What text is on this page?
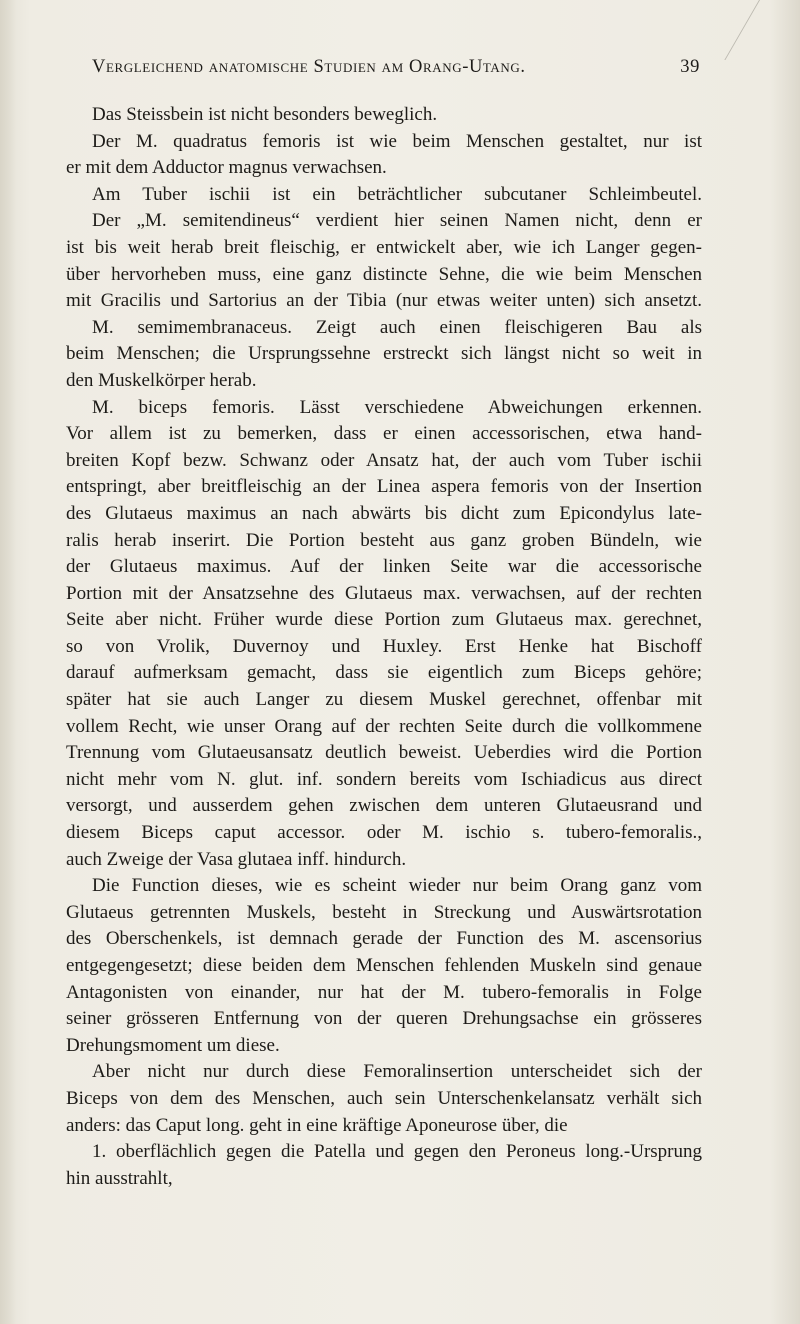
Vergleichend anatomische Studien am Orang-Utang.	39
Das Steissbein ist nicht besonders beweglich.
Der M. quadratus femoris ist wie beim Menschen gestaltet, nur ist
er mit dem Adductor magnus verwachsen.
Am Tuber ischii ist ein beträchtlicher subcutaner Schleimbeutel.
Der „M. semitendineus“ verdient hier seinen Namen nicht, denn er
ist bis weit herab breit fleischig, er entwickelt aber, wie ich Langer gegen-
über hervorheben muss, eine ganz distincte Sehne, die wie beim Menschen
mit Gracilis und Sartorius an der Tibia (nur etwas weiter unten) sich ansetzt.
M. semimembranaceus. Zeigt auch einen fleischigeren Bau als
beim Menschen; die Ursprungssehne erstreckt sich längst nicht so weit in
den Muskelkörper herab.
M. biceps femoris. Lässt verschiedene Abweichungen erkennen.
Vor allem ist zu bemerken, dass er einen accessorischen, etwa hand-
breiten Kopf bezw. Schwanz oder Ansatz hat, der auch vom Tuber ischii
entspringt, aber breitfleischig an der Linea aspera femoris von der Insertion
des Glutaeus maximus an nach abwärts bis dicht zum Epicondylus late-
ralis herab inserirt. Die Portion besteht aus ganz groben Bündeln, wie
der Glutaeus maximus. Auf der linken Seite war die accessorische
Portion mit der Ansatzsehne des Glutaeus max. verwachsen, auf der rechten
Seite aber nicht. Früher wurde diese Portion zum Glutaeus max. gerechnet,
so von Vrolik, Duvernoy und Huxley. Erst Henke hat Bischoff
darauf aufmerksam gemacht, dass sie eigentlich zum Biceps gehöre;
später hat sie auch Langer zu diesem Muskel gerechnet, offenbar mit
vollem Recht, wie unser Orang auf der rechten Seite durch die vollkommene
Trennung vom Glutaeusansatz deutlich beweist. Ueberdies wird die Portion
nicht mehr vom N. glut. inf. sondern bereits vom Ischiadicus aus direct
versorgt, und ausserdem gehen zwischen dem unteren Glutaeusrand und
diesem Biceps caput accessor. oder M. ischio s. tubero-femoralis.,
auch Zweige der Vasa glutaea inff. hindurch.
Die Function dieses, wie es scheint wieder nur beim Orang ganz vom
Glutaeus getrennten Muskels, besteht in Streckung und Auswärtsrotation
des Oberschenkels, ist demnach gerade der Function des M. ascensorius
entgegengesetzt; diese beiden dem Menschen fehlenden Muskeln sind genaue
Antagonisten von einander, nur hat der M. tubero-femoralis in Folge
seiner grösseren Entfernung von der queren Drehungsachse ein grösseres
Drehungsmoment um diese.
Aber nicht nur durch diese Femoralinsertion unterscheidet sich der
Biceps von dem des Menschen, auch sein Unterschenkelansatz verhält sich
anders: das Caput long. geht in eine kräftige Aponeurose über, die
1. oberflächlich gegen die Patella und gegen den Peroneus long.-Ursprung
hin ausstrahlt,
